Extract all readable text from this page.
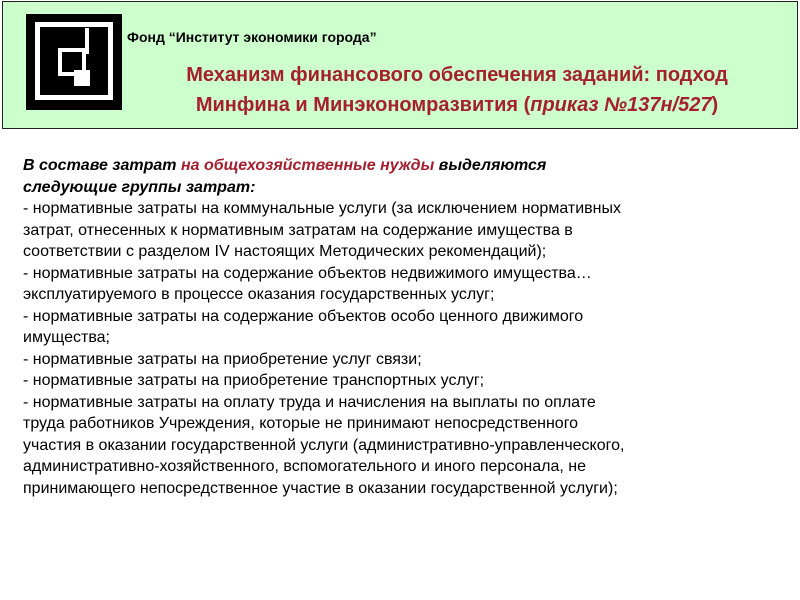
Фонд “Институт экономики города”
Механизм финансового обеспечения заданий: подход
Минфина и Минэкономразвития (приказ №137н/527)
В составе затрат на общехозяйственные нужды выделяются
следующие группы затрат:
- нормативные затраты на коммунальные услуги (за исключением нормативных
затрат, отнесенных к нормативным затратам на содержание имущества в
соответствии с разделом IV настоящих Методических рекомендаций);
- нормативные затраты на содержание объектов недвижимого имущества…
эксплуатируемого в процессе оказания государственных услуг;
- нормативные затраты на содержание объектов особо ценного движимого
имущества;
- нормативные затраты на приобретение услуг связи;
- нормативные затраты на приобретение транспортных услуг;
- нормативные затраты на оплату труда и начисления на выплаты по оплате
труда работников Учреждения, которые не принимают непосредственного
участия в оказании государственной услуги (административно-управленческого,
административно-хозяйственного, вспомогательного и иного персонала, не
принимающего непосредственное участие в оказании государственной услуги);
